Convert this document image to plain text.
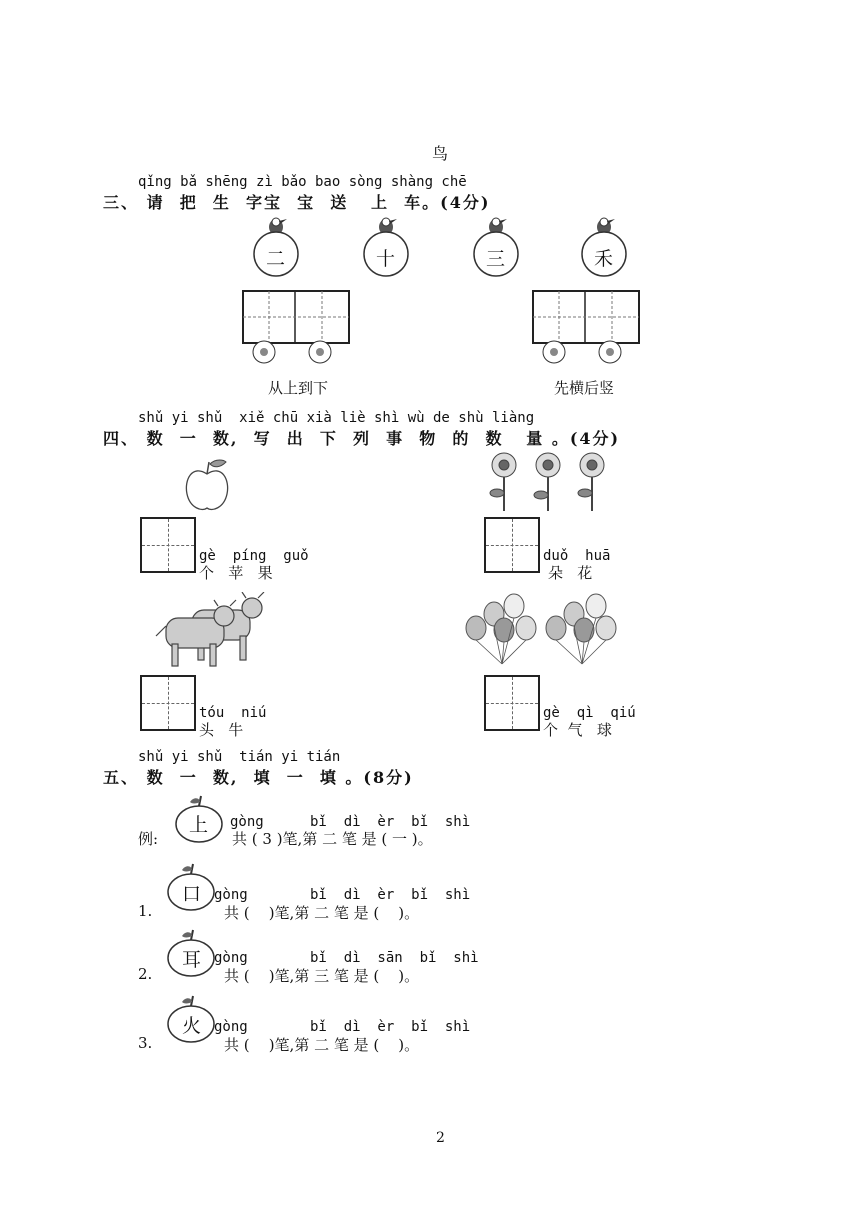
鸟
qǐng bǎ shēng zì bǎo bao sòng shàng chē
三、 请  把  生  字宝  宝  送   上  车。(4分)
二	十	三	禾
从上到下	先横后竖
shǔ yi shǔ  xiě chū xià liè shì wù de shù liàng
四、 数  一  数,  写  出  下  列  事  物  的  数   量 。(4分)
gè  píng  guǒ
个   苹   果
duǒ  huā
朵   花
tóu  niú
头   牛
gè  qì  qiú
个  气   球
shǔ yi shǔ  tián yi tián
五、 数  一  数,  填  一  填 。(8分)
例:
上 gòng	bǐ  dì  èr  bǐ  shì
共 ( 3 )笔,第 二 笔 是 ( 一 )。
1.
口 gòng	bǐ  dì  èr  bǐ  shì
共 (    )笔,第 二 笔 是 (    )。
2.
耳 gòng	bǐ  dì  sān  bǐ  shì
共 (    )笔,第 三 笔 是 (    )。
3.
火 gòng	bǐ  dì  èr  bǐ  shì
共 (    )笔,第 二 笔 是 (    )。
2
